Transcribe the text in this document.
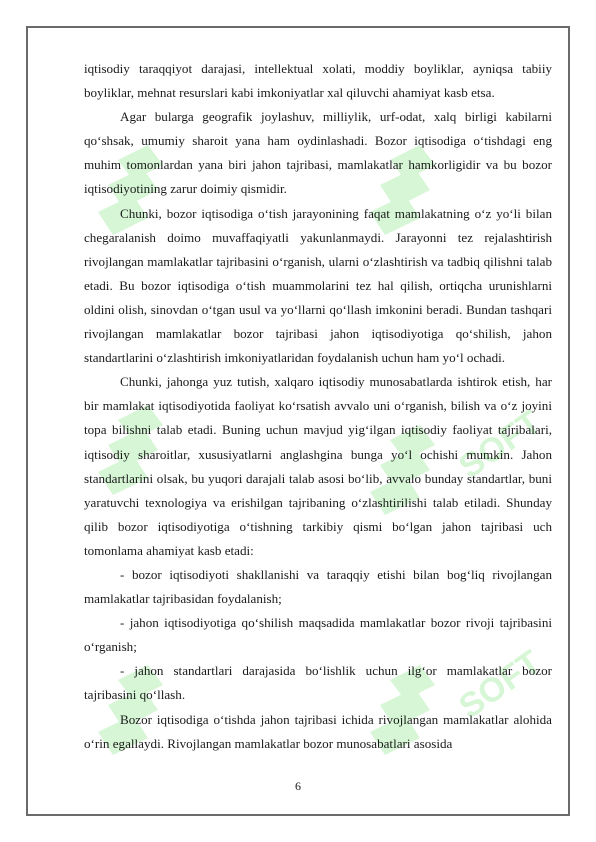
SOFT
SOFT

iqtisodiy taraqqiyot darajasi, intellektual xolati, moddiy boyliklar, ayniqsa tabiiy boyliklar, mehnat resurslari kabi imkoniyatlar xal qiluvchi ahamiyat kasb etsa.

Agar bularga geografik joylashuv, milliylik, urf-odat, xalq birligi kabilarni qo‘shsak, umumiy sharoit yana ham oydinlashadi. Bozor iqtisodiga o‘tishdagi eng muhim tomonlardan yana biri jahon tajribasi, mamlakatlar hamkorligidir va bu bozor iqtisodiyotining zarur doimiy qismidir.

Chunki, bozor iqtisodiga o‘tish jarayonining faqat mamlakatning o‘z yo‘li bilan chegaralanish doimo muvaffaqiyatli yakunlanmaydi. Jarayonni tez rejalashtirish rivojlangan mamlakatlar tajribasini o‘rganish, ularni o‘zlashtirish va tadbiq qilishni talab etadi. Bu bozor iqtisodiga o‘tish muammolarini tez hal qilish, ortiqcha urunishlarni oldini olish, sinovdan o‘tgan usul va yo‘llarni qo‘llash imkonini beradi. Bundan tashqari rivojlangan mamlakatlar bozor tajribasi jahon iqtisodiyotiga qo‘shilish, jahon standartlarini o‘zlashtirish imkoniyatlaridan foydalanish uchun ham yo‘l ochadi.

Chunki, jahonga yuz tutish, xalqaro iqtisodiy munosabatlarda ishtirok etish, har bir mamlakat iqtisodiyotida faoliyat ko‘rsatish avvalo uni o‘rganish, bilish va o‘z joyini topa bilishni talab etadi. Buning uchun mavjud yig‘ilgan iqtisodiy faoliyat tajribalari, iqtisodiy sharoitlar, xususiyatlarni anglashgina bunga yo‘l ochishi mumkin. Jahon standartlarini olsak, bu yuqori darajali talab asosi bo‘lib, avvalo bunday standartlar, buni yaratuvchi texnologiya va erishilgan tajribaning o‘zlashtirilishi talab etiladi. Shunday qilib bozor iqtisodiyotiga o‘tishning tarkibiy qismi bo‘lgan jahon tajribasi uch tomonlama ahamiyat kasb etadi:

- bozor iqtisodiyoti shakllanishi va taraqqiy etishi bilan bog‘liq rivojlangan mamlakatlar tajribasidan foydalanish;

- jahon iqtisodiyotiga qo‘shilish maqsadida mamlakatlar bozor rivoji tajribasini o‘rganish;

- jahon standartlari darajasida bo‘lishlik uchun ilg‘or mamlakatlar bozor tajribasini qo‘llash.

Bozor iqtisodiga o‘tishda jahon tajribasi ichida rivojlangan mamlakatlar alohida o‘rin egallaydi. Rivojlangan mamlakatlar bozor munosabatlari asosida

6
